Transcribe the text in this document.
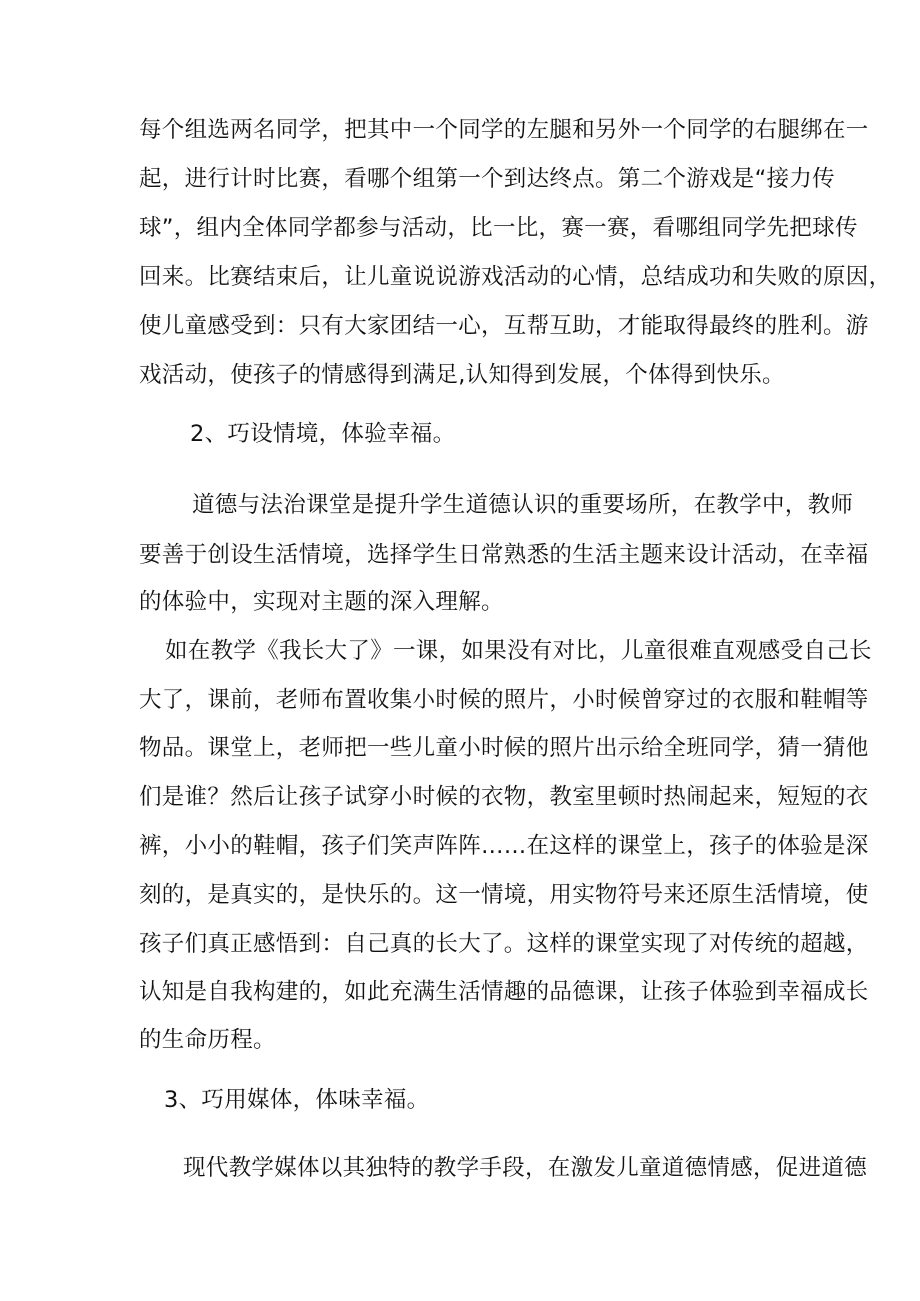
每个组选两名同学，把其中一个同学的左腿和另外一个同学的右腿绑在一
起，进行计时比赛，看哪个组第一个到达终点。第二个游戏是“接力传
球”，组内全体同学都参与活动，比一比，赛一赛，看哪组同学先把球传
回来。比赛结束后，让儿童说说游戏活动的心情，总结成功和失败的原因，
使儿童感受到：只有大家团结一心，互帮互助，才能取得最终的胜利。游
戏活动，使孩子的情感得到满足,认知得到发展，个体得到快乐。
2、巧设情境，体验幸福。
道德与法治课堂是提升学生道德认识的重要场所，在教学中，教师
要善于创设生活情境，选择学生日常熟悉的生活主题来设计活动，在幸福
的体验中，实现对主题的深入理解。
如在教学《我长大了》一课，如果没有对比，儿童很难直观感受自己长
大了，课前，老师布置收集小时候的照片，小时候曾穿过的衣服和鞋帽等
物品。课堂上，老师把一些儿童小时候的照片出示给全班同学，猜一猜他
们是谁？然后让孩子试穿小时候的衣物，教室里顿时热闹起来，短短的衣
裤，小小的鞋帽，孩子们笑声阵阵……在这样的课堂上，孩子的体验是深
刻的，是真实的，是快乐的。这一情境，用实物符号来还原生活情境，使
孩子们真正感悟到：自己真的长大了。这样的课堂实现了对传统的超越，
认知是自我构建的，如此充满生活情趣的品德课，让孩子体验到幸福成长
的生命历程。
3、巧用媒体，体味幸福。
现代教学媒体以其独特的教学手段，在激发儿童道德情感，促进道德
